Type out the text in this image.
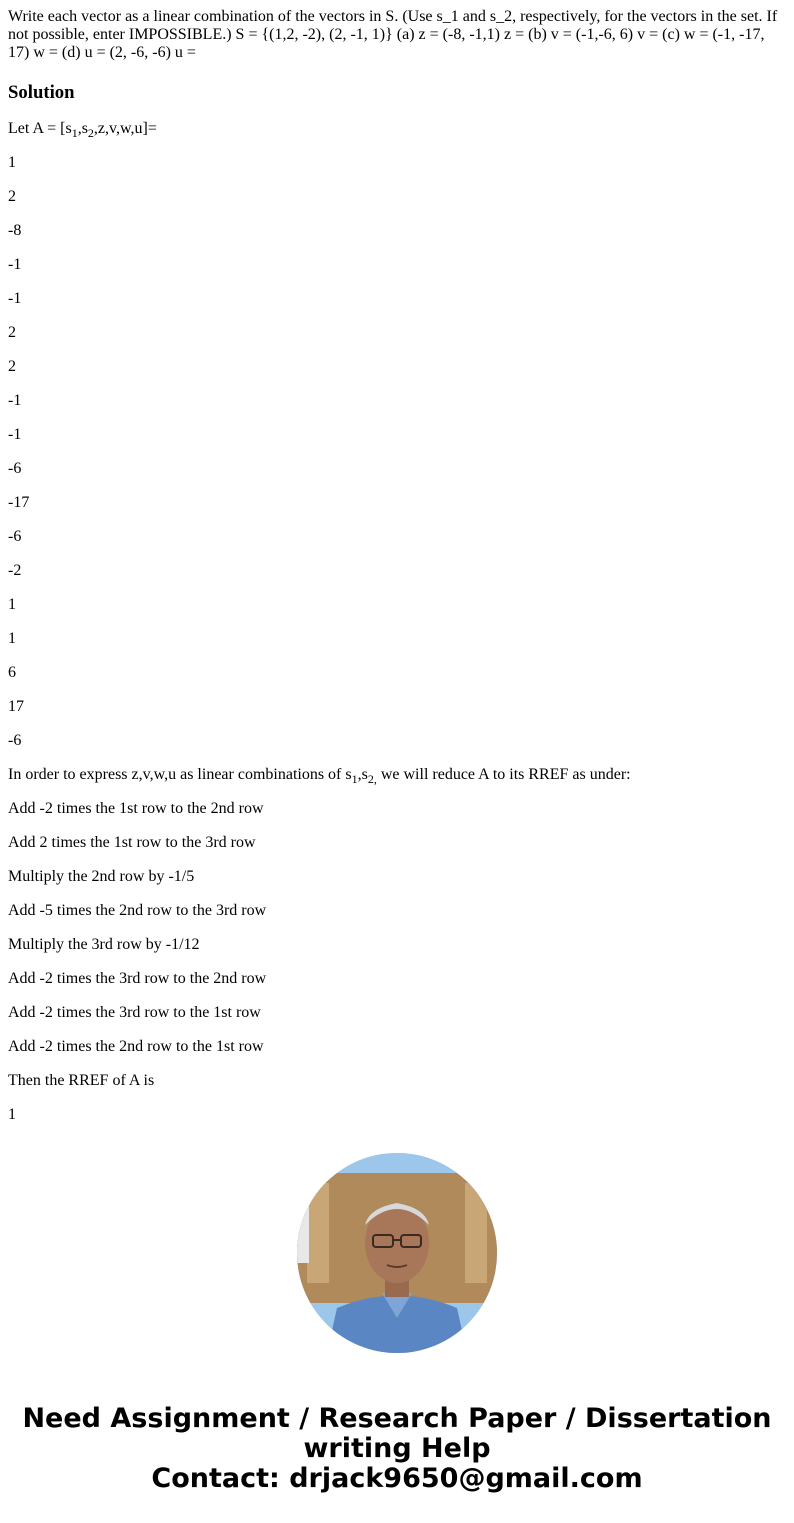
Write each vector as a linear combination of the vectors in S. (Use s_1 and s_2, respectively, for the vectors in the set. If not possible, enter IMPOSSIBLE.) S = {(1,2, -2), (2, -1, 1)} (a) z = (-8, -1,1) z = (b) v = (-1,-6, 6) v = (c) w = (-1, -17, 17) w = (d) u = (2, -6, -6) u =

Solution

Let $A = [s_1,s_2,z,v,w,u]=$

1

2

-8

-1

-1

2

2

-1

-1

-6

-17

-6

-2

1

1

6

17

-6

In order to express z,v,w,u as linear combinations of $s_1,s_{2,}$ we will reduce A to its RREF as under:

Add -2 times the 1st row to the 2nd row

Add 2 times the 1st row to the 3rd row

Multiply the 2nd row by -1/5

Add -5 times the 2nd row to the 3rd row

Multiply the 3rd row by -1/12

Add -2 times the 3rd row to the 2nd row

Add -2 times the 3rd row to the 1st row

Add -2 times the 2nd row to the 1st row

Then the RREF of A is

1

Need Assignment / Research Paper / Dissertation
writing Help
Contact: drjack9650@gmail.com
